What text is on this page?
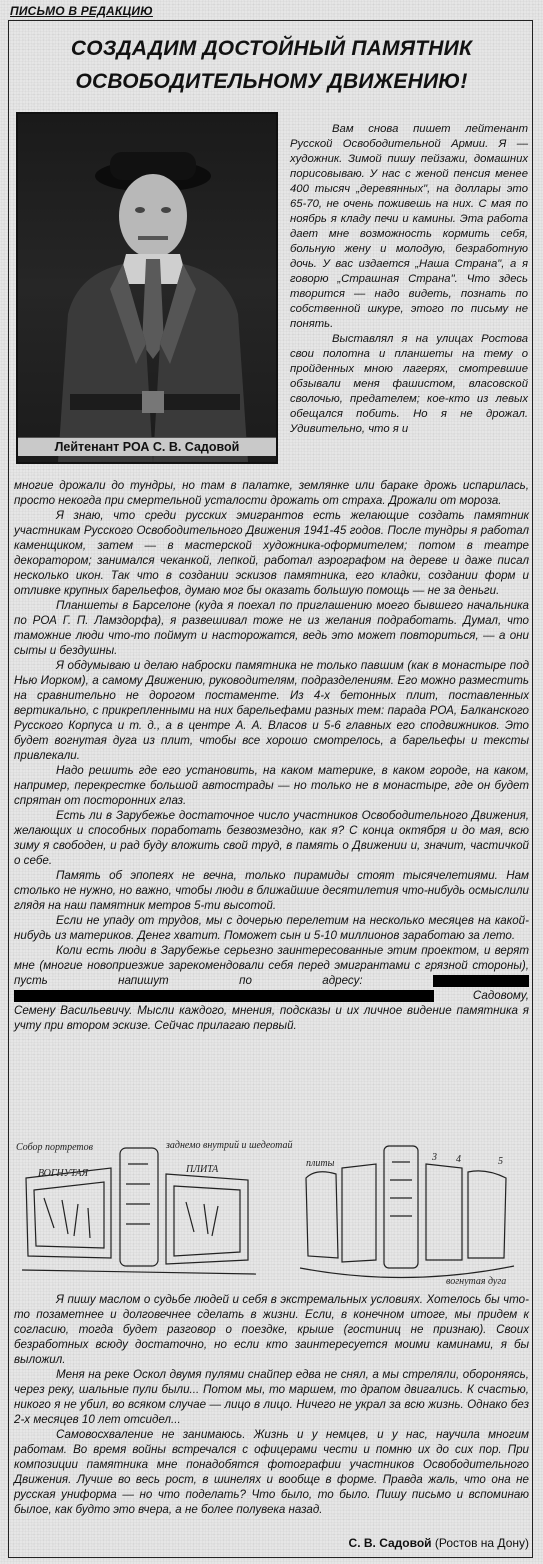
ПИСЬМО В РЕДАКЦИЮ
СОЗДАДИМ ДОСТОЙНЫЙ ПАМЯТНИК
ОСВОБОДИТЕЛЬНОМУ ДВИЖЕНИЮ!
Лейтенант РОА С. В. Садовой

Вам снова пишет лейтенант Русской Освободительной Армии. Я — художник. Зимой пишу пейзажи, домашних порисовываю. У нас с женой пенсия менее 400 тысяч „деревянных", на доллары это 65-70, не очень поживешь на них. С мая по ноябрь я кладу печи и камины. Эта работа дает мне возможность кормить себя, больную жену и молодую, безработную дочь. У вас издается „Наша Страна", а я говорю „Страшная Страна". Что здесь творится — надо видеть, познать по собственной шкуре, этого по письму не понять.

Выставлял я на улицах Ростова свои полотна и планшеты на тему о пройденных мною лагерях, смотревшие обзывали меня фашистом, власовской сволочью, предателем; кое-кто из левых обещался побить. Но я не дрожал. Удивительно, что я и

многие дрожали до тундры, но там в палатке, землянке или бараке дрожь испарилась, просто некогда при смертельной усталости дрожать от страха. Дрожали от мороза.

Я знаю, что среди русских эмигрантов есть желающие создать памятник участникам Русского Освободительного Движения 1941-45 годов. После тундры я работал каменщиком, затем — в мастерской художника-оформителем; потом в театре декоратором; занимался чеканкой, лепкой, работал аэрографом на дереве и даже писал несколько икон. Так что в создании эскизов памятника, его кладки, создании форм и отливке крупных барельефов, думаю мог бы оказать большую помощь — не за деньги.

Планшеты в Барселоне (куда я поехал по приглашению моего бывшего начальника по РОА Г. П. Ламздорфа), я развешивал тоже не из желания подработать. Думал, что таможние люди что-то поймут и насторожатся, ведь это может повториться, — а они сыты и бездушны.

Я обдумываю и делаю наброски памятника не только павшим (как в монастыре под Нью Иорком), а самому Движению, руководителям, подразделениям. Его можно разместить на сравнительно не дорогом постаменте. Из 4-х бетонных плит, поставленных вертикально, с прикрепленными на них барельефами разных тем: парада РОА, Балканского Русского Корпуса и т. д., а в центре А. А. Власов и 5-6 главных его сподвижников. Это будет вогнутая дуга из плит, чтобы все хорошо смотрелось, а барельефы и тексты привлекали.

Надо решить где его установить, на каком материке, в каком городе, на каком, например, перекрестке большой автострады — но только не в монастыре, где он будет спрятан от посторонних глаз.

Есть ли в Зарубежье достаточное число участников Освободительного Движения, желающих и способных поработать безвозмездно, как я? С конца октября и до мая, всю зиму я свободен, и рад буду вложить свой труд, в память о Движении и, значит, частичкой о себе.

Память об эпопеях не вечна, только пирамиды стоят тысячелетиями. Нам столько не нужно, но важно, чтобы люди в ближайшие десятилетия что-нибудь осмыслили глядя на наш памятник метров 5-ти высотой.

Если не упаду от трудов, мы с дочерью перелетим на несколько месяцев на какой-нибудь из материков. Денег хватит. Поможет сын и 5-10 миллионов заработаю за лето.

Коли есть люди в Зарубежье серьезно заинтересованные этим проектом, и верят мне (многие новоприезжие зарекомендовали себя перед эмигрантами с грязной стороны), пусть напишут по адресу:   Садовому, Семену Васильевичу. Мысли каждого, мнения, подсказы и их личное видение памятника я учту при втором эскизе. Сейчас прилагаю первый.

Собор портретов	заднемо внутрий и шедеотай
ПЛИТА
ВОГНУТАЯ
плиты
3 4	5
вогнутая дуга

Я пишу маслом о судьбе людей и себя в экстремальных условиях. Хотелось бы что-то позаметнее и долговечнее сделать в жизни. Если, в конечном итоге, мы придем к согласию, тогда будет разговор о поездке, крыше (гостиниц не признаю). Своих безработных всюду достаточно, но если кто заинтересуется моими каминами, я бы выложил.

Меня на реке Оскол двумя пулями снайпер едва не снял, а мы стреляли, обороняясь, через реку, шальные пули были... Потом мы, то маршем, то драпом двигались. К счастью, никого я не убил, во всяком случае — лицо в лицо. Ничего не украл за всю жизнь. Однако без 2-х месяцев 10 лет отсидел...

Самовосхваление не занимаюсь. Жизнь и у немцев, и у нас, научила многим работам. Во время войны встречался с офицерами чести и помню их до сих пор. При композиции памятника мне понадобятся фотографии участников Освободительного Движения. Лучше во весь рост, в шинелях и вообще в форме. Правда жаль, что она не русская униформа — но что поделать? Что было, то было. Пишу письмо и вспоминаю былое, как будто это вчера, а не более полувека назад.

С. В. Садовой (Ростов на Дону)
